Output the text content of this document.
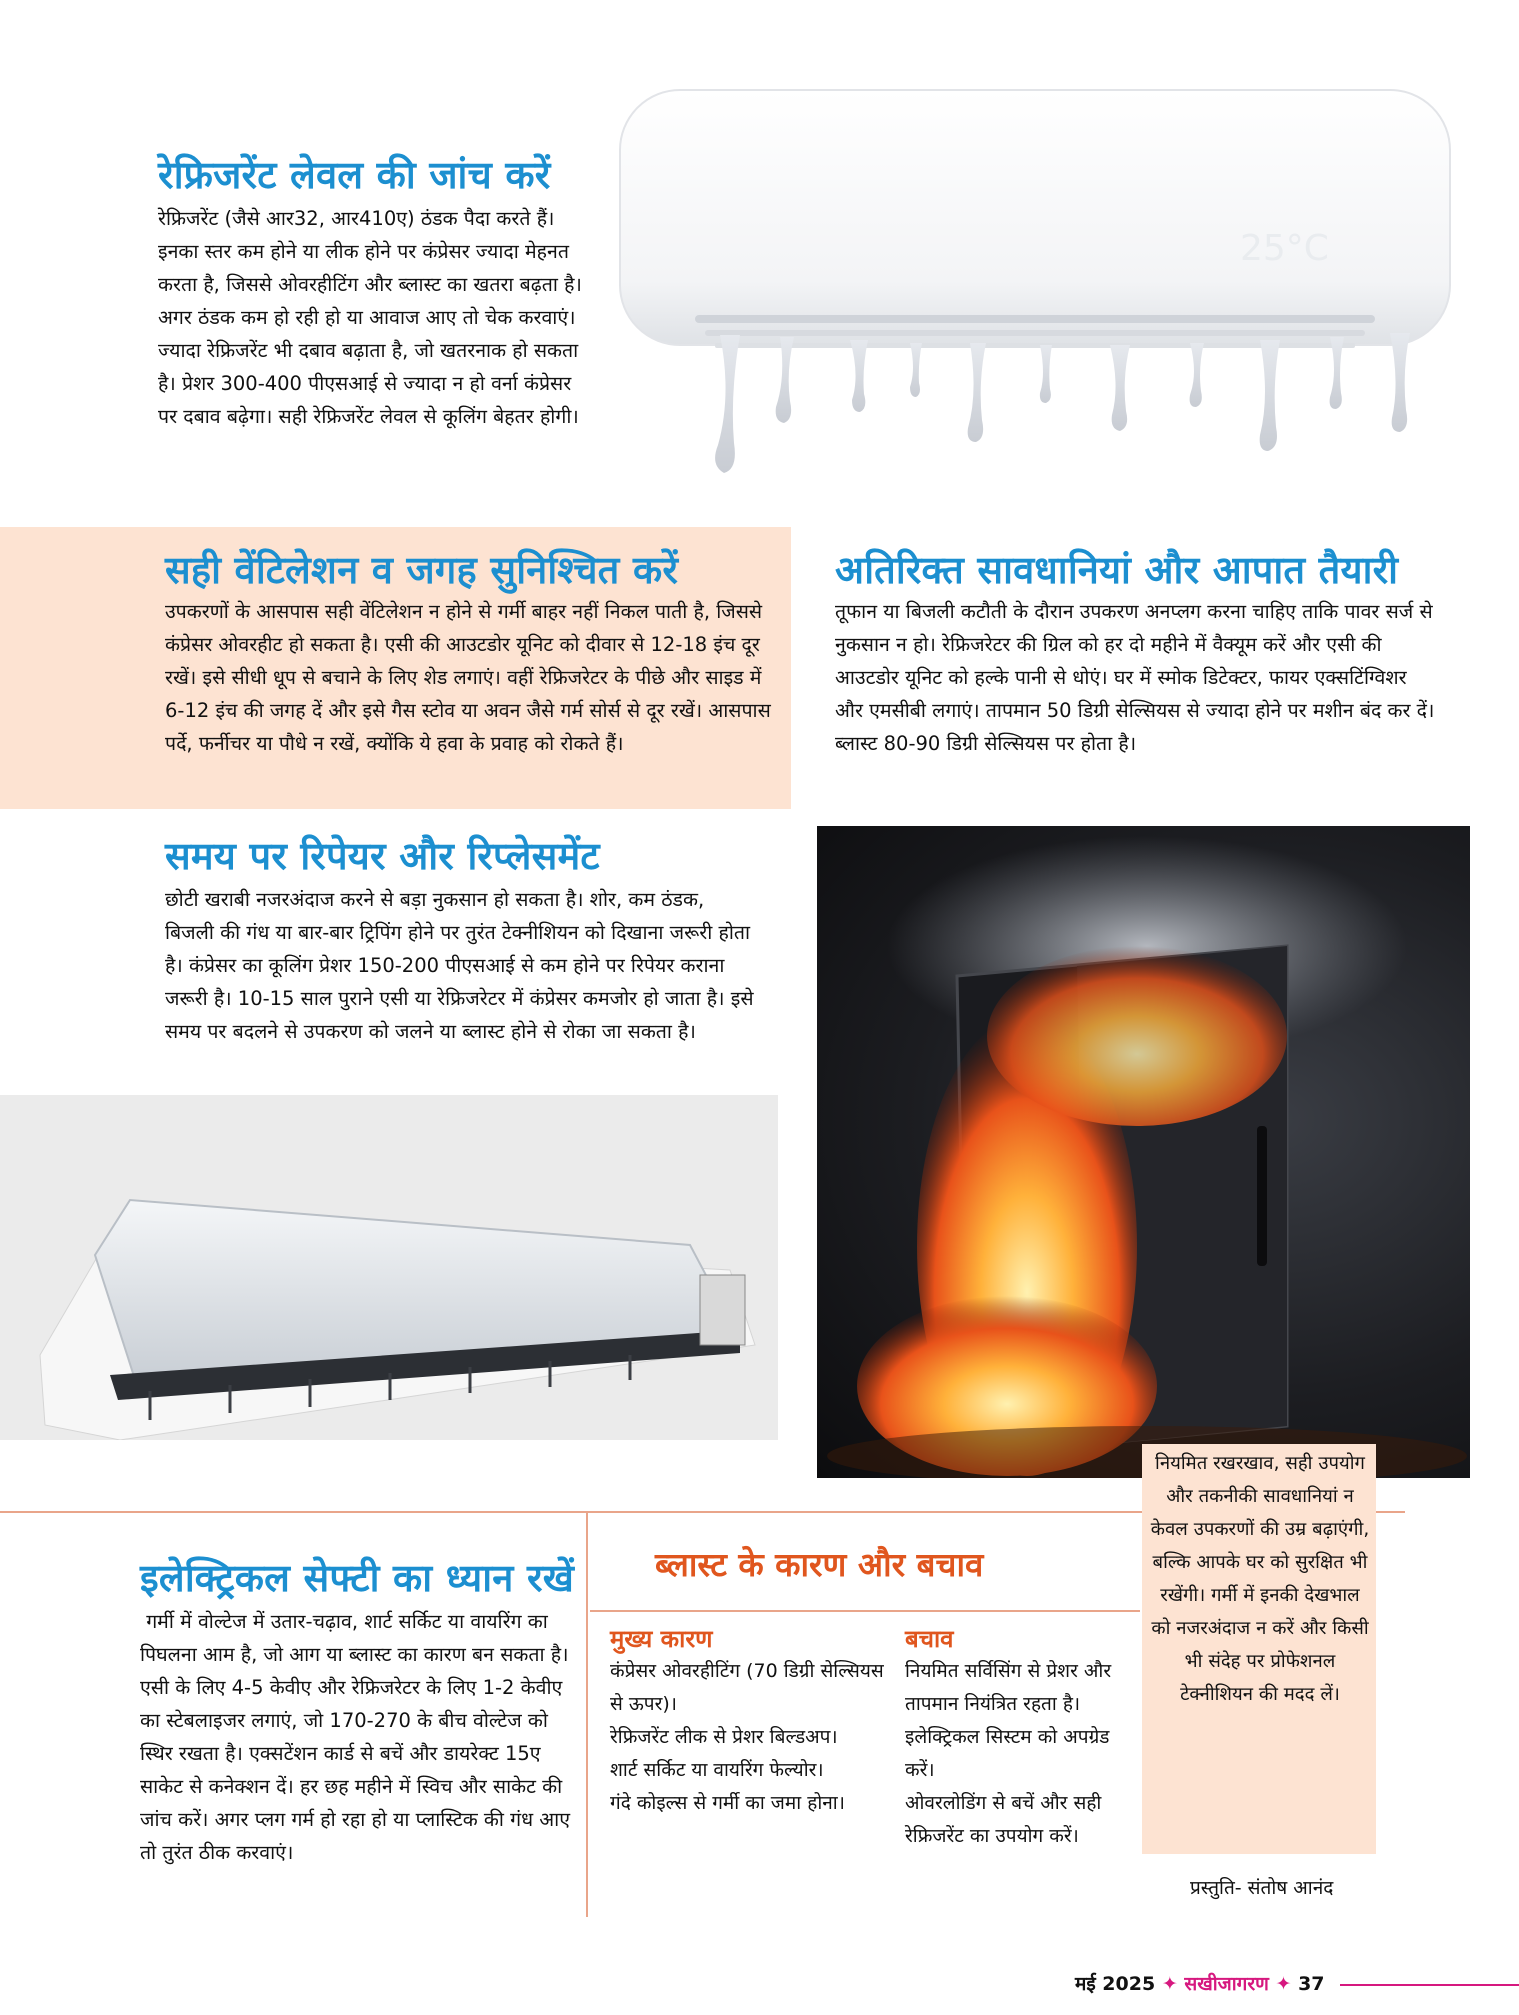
25°C
रेफ्रिजरेंट लेवल की जांच करें
रेफ्रिजरेंट (जैसे आर32, आर410ए) ठंडक पैदा करते हैं। इनका स्तर कम होने या लीक होने पर कंप्रेसर ज्यादा मेहनत करता है, जिससे ओवरहीटिंग और ब्लास्ट का खतरा बढ़ता है। अगर ठंडक कम हो रही हो या आवाज आए तो चेक करवाएं। ज्यादा रेफ्रिजरेंट भी दबाव बढ़ाता है, जो खतरनाक हो सकता है। प्रेशर 300-400 पीएसआई से ज्यादा न हो वर्ना कंप्रेसर पर दबाव बढ़ेगा। सही रेफ्रिजरेंट लेवल से कूलिंग बेहतर होगी।
सही वेंटिलेशन व जगह सुनिश्चित करें
उपकरणों के आसपास सही वेंटिलेशन न होने से गर्मी बाहर नहीं निकल पाती है, जिससे कंप्रेसर ओवरहीट हो सकता है। एसी की आउटडोर यूनिट को दीवार से 12-18 इंच दूर रखें। इसे सीधी धूप से बचाने के लिए शेड लगाएं। वहीं रेफ्रिजरेटर के पीछे और साइड में 6-12 इंच की जगह दें और इसे गैस स्टोव या अवन जैसे गर्म सोर्स से दूर रखें। आसपास पर्दे, फर्नीचर या पौधे न रखें, क्योंकि ये हवा के प्रवाह को रोकते हैं।
अतिरिक्त सावधानियां और आपात तैयारी
तूफान या बिजली कटौती के दौरान उपकरण अनप्लग करना चाहिए ताकि पावर सर्ज से नुकसान न हो। रेफ्रिजरेटर की ग्रिल को हर दो महीने में वैक्यूम करें और एसी की आउटडोर यूनिट को हल्के पानी से धोएं। घर में स्मोक डिटेक्टर, फायर एक्सटिंग्विशर और एमसीबी लगाएं। तापमान 50 डिग्री सेल्सियस से ज्यादा होने पर मशीन बंद कर दें। ब्लास्ट 80-90 डिग्री सेल्सियस पर होता है।
समय पर रिपेयर और रिप्लेसमेंट
छोटी खराबी नजरअंदाज करने से बड़ा नुकसान हो सकता है। शोर, कम ठंडक, बिजली की गंध या बार-बार ट्रिपिंग होने पर तुरंत टेक्नीशियन को दिखाना जरूरी होता है। कंप्रेसर का कूलिंग प्रेशर 150-200 पीएसआई से कम होने पर रिपेयर कराना जरूरी है। 10-15 साल पुराने एसी या रेफ्रिजरेटर में कंप्रेसर कमजोर हो जाता है। इसे समय पर बदलने से उपकरण को जलने या ब्लास्ट होने से रोका जा सकता है।
इलेक्ट्रिकल सेफ्टी का ध्यान रखें
गर्मी में वोल्टेज में उतार-चढ़ाव, शार्ट सर्किट या वायरिंग का पिघलना आम है, जो आग या ब्लास्ट का कारण बन सकता है। एसी के लिए 4-5 केवीए और रेफ्रिजरेटर के लिए 1-2 केवीए का स्टेबलाइजर लगाएं, जो 170-270 के बीच वोल्टेज को स्थिर रखता है। एक्सटेंशन कार्ड से बचें और डायरेक्ट 15ए साकेट से कनेक्शन दें। हर छह महीने में स्विच और साकेट की जांच करें। अगर प्लग गर्म हो रहा हो या प्लास्टिक की गंध आए तो तुरंत ठीक करवाएं।
ब्लास्ट के कारण और बचाव
मुख्य कारण
कंप्रेसर ओवरहीटिंग (70 डिग्री सेल्सियस से ऊपर)।
रेफ्रिजरेंट लीक से प्रेशर बिल्डअप।
शार्ट सर्किट या वायरिंग फेल्योर।
गंदे कोइल्स से गर्मी का जमा होना।
बचाव
नियमित सर्विसिंग से प्रेशर और तापमान नियंत्रित रहता है।
इलेक्ट्रिकल सिस्टम को अपग्रेड करें।
ओवरलोडिंग से बचें और सही रेफ्रिजरेंट का उपयोग करें।
नियमित रखरखाव, सही उपयोग और तकनीकी सावधानियां न केवल उपकरणों की उम्र बढ़ाएंगी, बल्कि आपके घर को सुरक्षित भी रखेंगी। गर्मी में इनकी देखभाल को नजरअंदाज न करें और किसी भी संदेह पर प्रोफेशनल टेक्नीशियन की मदद लें।
प्रस्तुति- संतोष आनंद
मई 2025 ✦ सखीजागरण ✦ 37
